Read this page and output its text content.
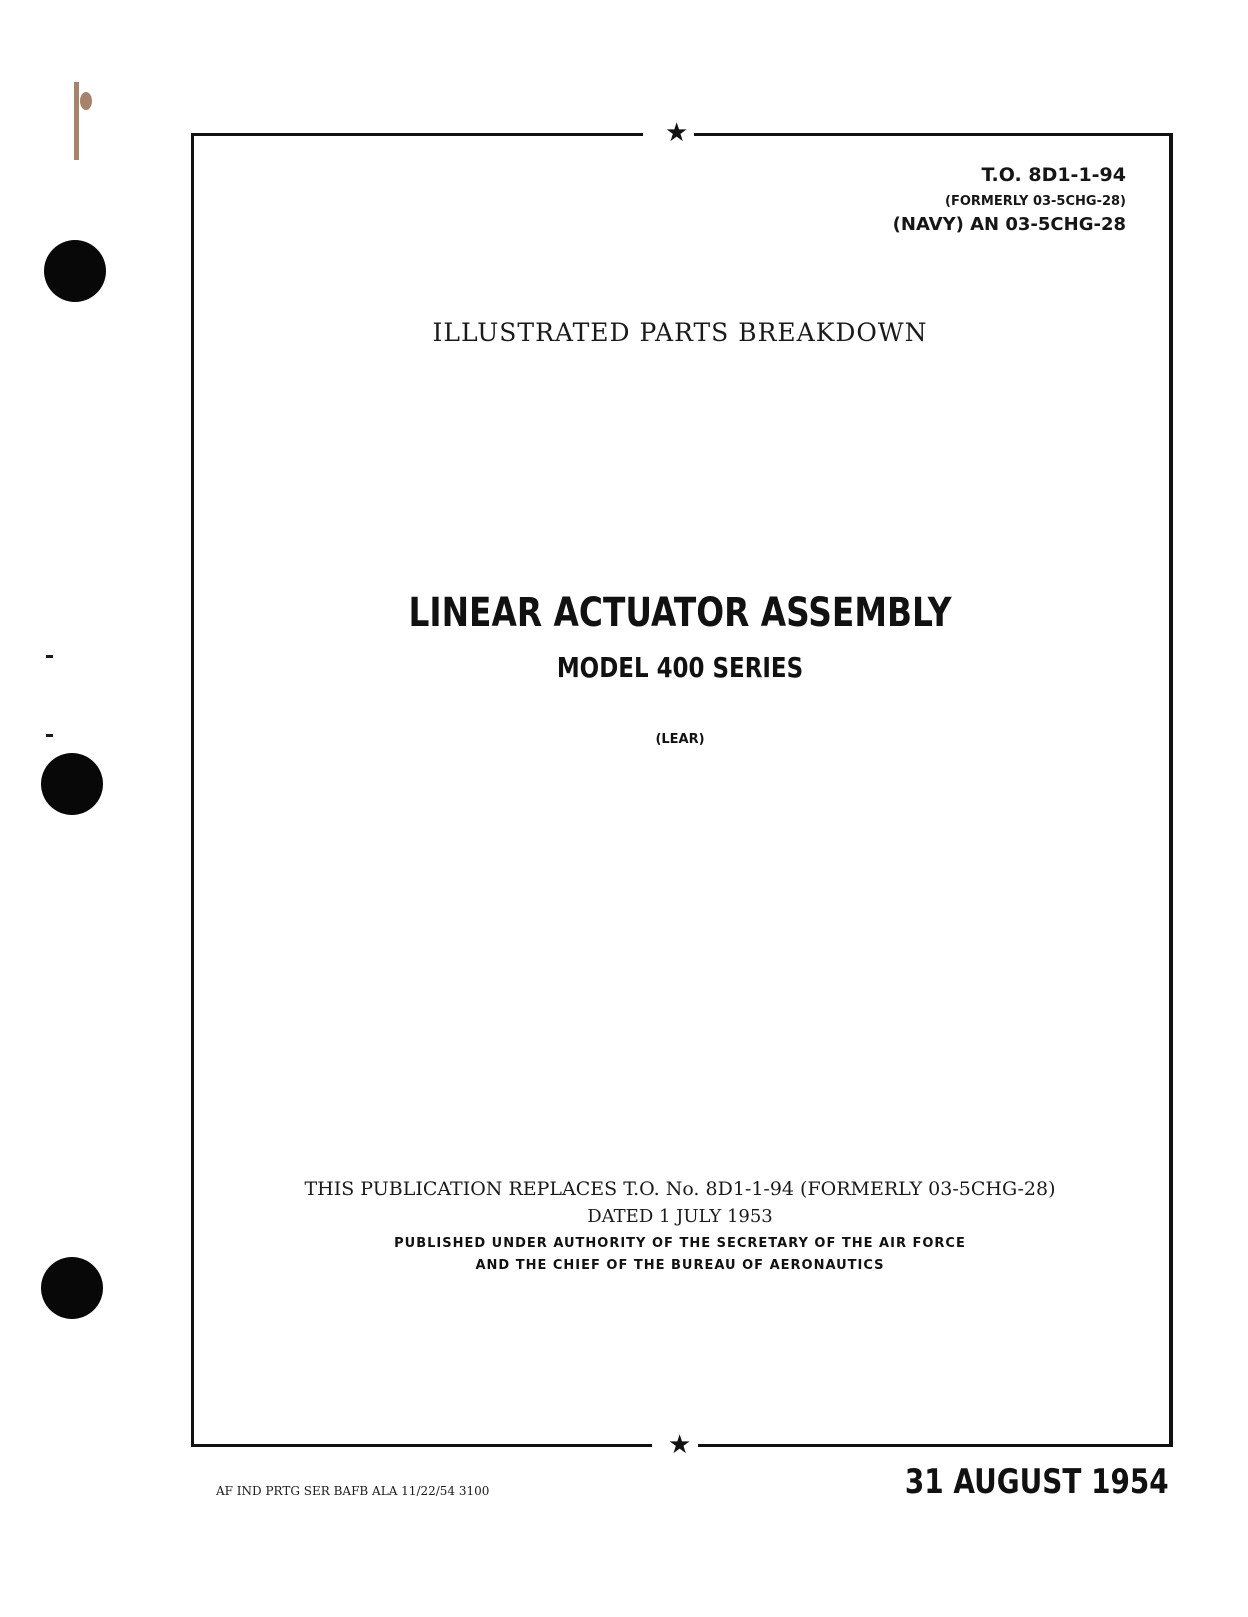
★
★
T.O. 8D1-1-94
(FORMERLY 03-5CHG-28)
(NAVY) AN 03-5CHG-28
ILLUSTRATED PARTS BREAKDOWN
LINEAR ACTUATOR ASSEMBLY
MODEL 400 SERIES
(LEAR)
THIS PUBLICATION REPLACES T.O. No. 8D1-1-94 (FORMERLY 03-5CHG-28)
DATED 1 JULY 1953
PUBLISHED UNDER AUTHORITY OF THE SECRETARY OF THE AIR FORCE
AND THE CHIEF OF THE BUREAU OF AERONAUTICS
AF IND PRTG SER BAFB ALA 11/22/54 3100	31 AUGUST 1954
